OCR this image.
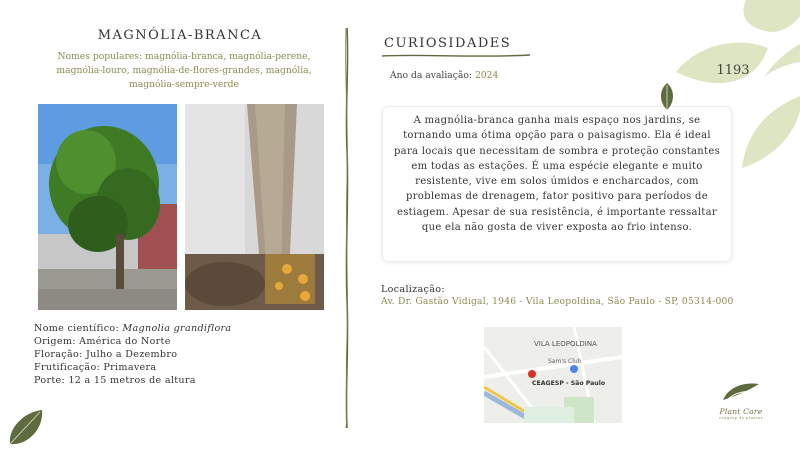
MAGNÓLIA-BRANCA
Nomes populares: magnólia-branca, magnólia-perene, magnólia-louro, magnólia-de-flores-grandes, magnólia, magnólia-sempre-verde
Nome científico: Magnolia grandiflora
Origem: América do Norte
Floração: Julho a Dezembro
Frutificação: Primavera
Porte: 12 a 15 metros de altura
CURIOSIDADES
Ano da avaliação: 2024
A magnólia-branca ganha mais espaço nos jardins, se tornando uma ótima opção para o paisagismo. Ela é ideal para locais que necessitam de sombra e proteção constantes em todas as estações. É uma espécie elegante e muito resistente, vive em solos úmidos e encharcados, com problemas de drenagem, fator positivo para períodos de estiagem. Apesar de sua resistência, é importante ressaltar que ela não gosta de viver exposta ao frio intenso.
Localização:
Av. Dr. Gastão Vidigal, 1946 - Vila Leopoldina, São Paulo - SP, 05314-000
VILA LEOPOLDINA
Sam's Club
CEAGESP - São Paulo
1193
Plant Care
ceagesp de plantas
